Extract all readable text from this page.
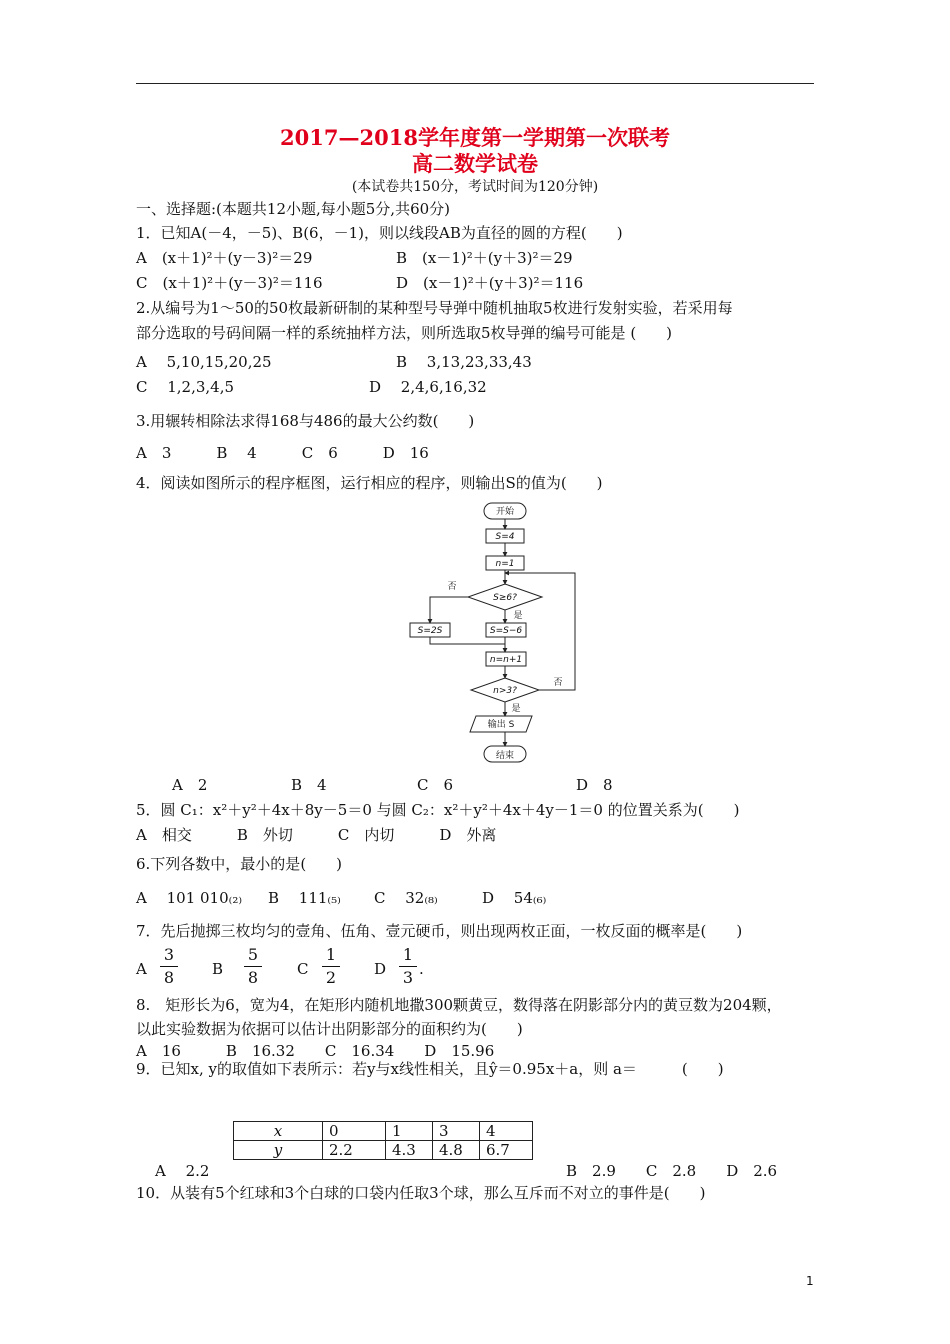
2017—2018学年度第一学期第一次联考
高二数学试卷
(本试卷共150分，考试时间为120分钟)
一、选择题:(本题共12小题,每小题5分,共60分)
1．已知A(－4，－5)、B(6，－1)，则以线段AB为直径的圆的方程(　　)
A　(x＋1)²＋(y－3)²＝29	B　(x－1)²＋(y＋3)²＝29
C　(x＋1)²＋(y－3)²＝116	D　(x－1)²＋(y＋3)²＝116
2.从编号为1～50的50枚最新研制的某种型号导弹中随机抽取5枚进行发射实验，若采用每
部分选取的号码间隔一样的系统抽样方法，则所选取5枚导弹的编号可能是 (　　)
A　 5,10,15,20,25	B　 3,13,23,33,43
C　 1,2,3,4,5	D　 2,4,6,16,32
3.用辗转相除法求得168与486的最大公约数(　　)
A　3　　　B　 4　　　C　6　　　D　16
4．阅读如图所示的程序框图，运行相应的程序，则输出S的值为(　　)
开始
S=4
n=1
S≥6?
是
否
S=2S	S=S−6
n=n+1
n>3?
是
否
输出 S
结束
A　2	B　4	C　6	D　8
5．圆 C₁：x²＋y²＋4x＋8y－5＝0 与圆 C₂：x²＋y²＋4x＋4y－1＝0 的位置关系为(　　)
A　相交　　　B　外切　　　C　内切　　　D　外离
6.下列各数中，最小的是(　　)
A　 101 010₍₂₎ B　 111₍₅₎ C　 32₍₈₎	D　 54₍₆₎
7．先后抛掷三枚均匀的壹角、伍角、壹元硬币，则出现两枚正面，一枚反面的概率是(　　)
A
3
8	B
5
8	C
1
2	D
1
3 .
8.　矩形长为6，宽为4，在矩形内随机地撒300颗黄豆，数得落在阴影部分内的黄豆数为204颗，
以此实验数据为依据可以估计出阴影部分的面积约为(　　)
A　16　　　B　16.32　　C　16.34　　D　15.96
9．已知x, y的取值如下表所示：若y与x线性相关，且ŷ＝0.95x＋a，则 a＝　　　(　　)
x	0	1	3	4
y	2.2	4.3	4.8	6.7
A　 2.2	B　2.9　　C　2.8　　D　2.6
10．从装有5个红球和3个白球的口袋内任取3个球，那么互斥而不对立的事件是(　　)
1
